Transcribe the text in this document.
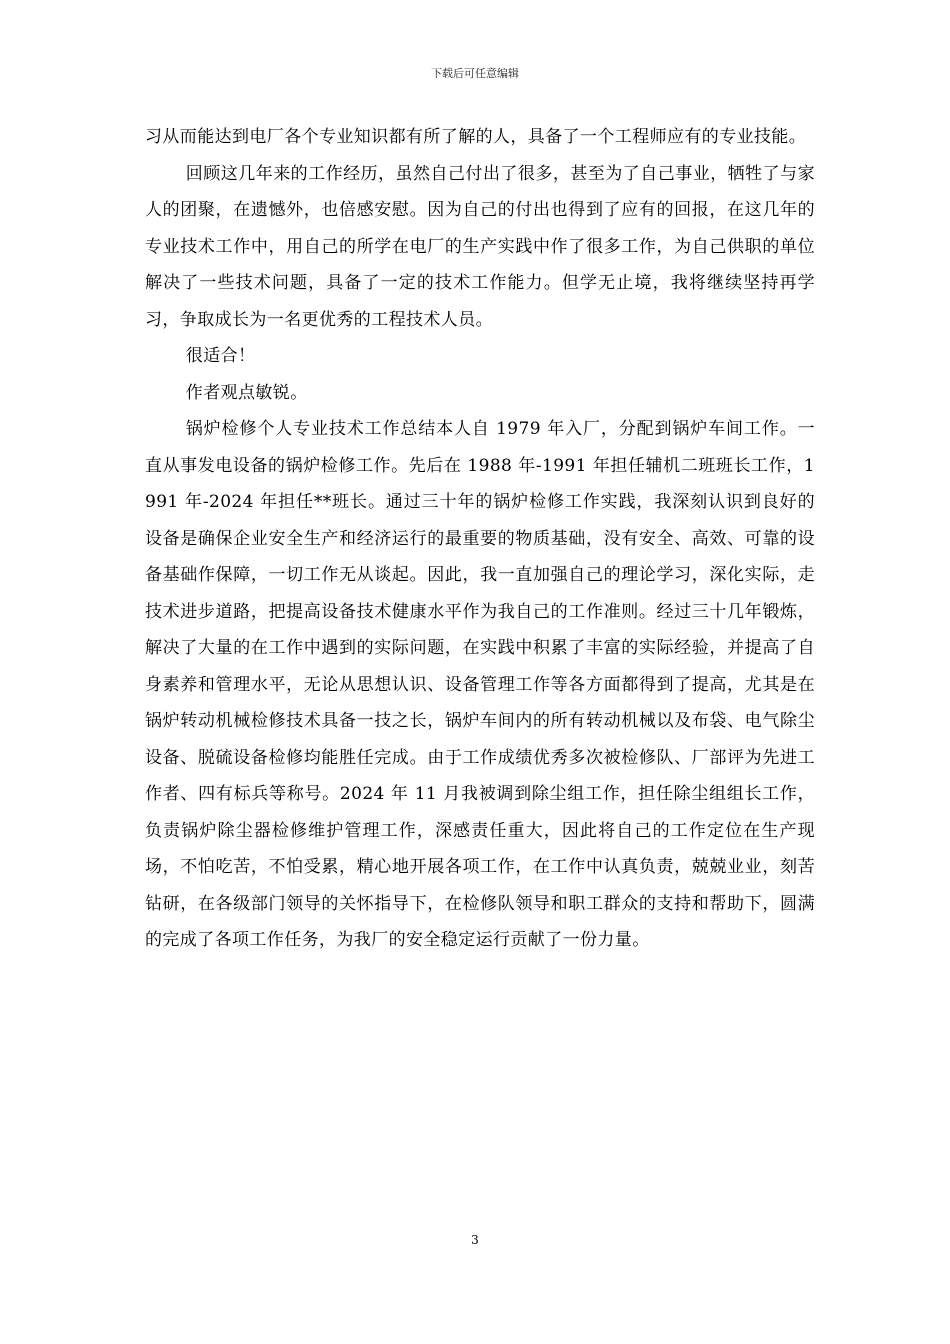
下载后可任意编辑

习从而能达到电厂各个专业知识都有所了解的人，具备了一个工程师应有的专业技能。

回顾这几年来的工作经历，虽然自己付出了很多，甚至为了自己事业，牺牲了与家人的团聚，在遗憾外，也倍感安慰。因为自己的付出也得到了应有的回报，在这几年的专业技术工作中，用自己的所学在电厂的生产实践中作了很多工作，为自己供职的单位解决了一些技术问题，具备了一定的技术工作能力。但学无止境，我将继续坚持再学习，争取成长为一名更优秀的工程技术人员。

很适合！

作者观点敏锐。

锅炉检修个人专业技术工作总结本人自 1979 年入厂，分配到锅炉车间工作。一直从事发电设备的锅炉检修工作。先后在 1988 年-1991 年担任辅机二班班长工作，1991 年-2024 年担任**班长。通过三十年的锅炉检修工作实践，我深刻认识到良好的设备是确保企业安全生产和经济运行的最重要的物质基础，没有安全、高效、可靠的设备基础作保障，一切工作无从谈起。因此，我一直加强自己的理论学习，深化实际，走技术进步道路，把提高设备技术健康水平作为我自己的工作准则。经过三十几年锻炼，解决了大量的在工作中遇到的实际问题，在实践中积累了丰富的实际经验，并提高了自身素养和管理水平，无论从思想认识、设备管理工作等各方面都得到了提高，尤其是在锅炉转动机械检修技术具备一技之长，锅炉车间内的所有转动机械以及布袋、电气除尘设备、脱硫设备检修均能胜任完成。由于工作成绩优秀多次被检修队、厂部评为先进工作者、四有标兵等称号。2024 年 11 月我被调到除尘组工作，担任除尘组组长工作，负责锅炉除尘器检修维护管理工作，深感责任重大，因此将自己的工作定位在生产现场，不怕吃苦，不怕受累，精心地开展各项工作，在工作中认真负责，兢兢业业，刻苦钻研，在各级部门领导的关怀指导下，在检修队领导和职工群众的支持和帮助下，圆满的完成了各项工作任务，为我厂的安全稳定运行贡献了一份力量。

3
